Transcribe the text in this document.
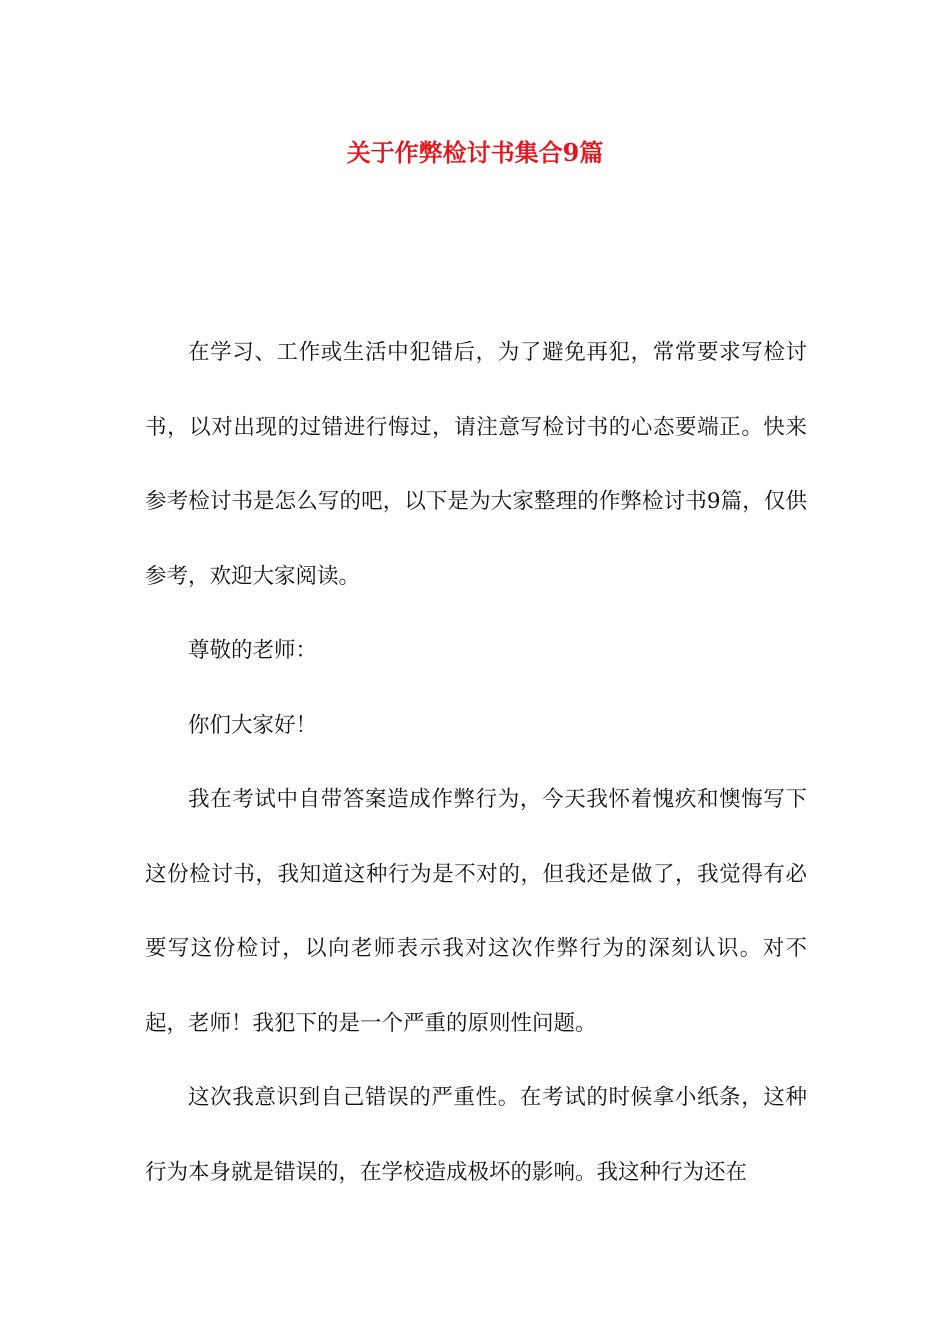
关于作弊检讨书集合9篇

在学习、工作或生活中犯错后，为了避免再犯，常常要求写检讨书，以对出现的过错进行悔过，请注意写检讨书的心态要端正。快来参考检讨书是怎么写的吧，以下是为大家整理的作弊检讨书9篇，仅供参考，欢迎大家阅读。

尊敬的老师：

你们大家好！

我在考试中自带答案造成作弊行为，今天我怀着愧疚和懊悔写下这份检讨书，我知道这种行为是不对的，但我还是做了，我觉得有必要写这份检讨，以向老师表示我对这次作弊行为的深刻认识。对不起，老师！我犯下的是一个严重的原则性问题。

这次我意识到自己错误的严重性。在考试的时候拿小纸条，这种行为本身就是错误的，在学校造成极坏的影响。我这种行为还在
